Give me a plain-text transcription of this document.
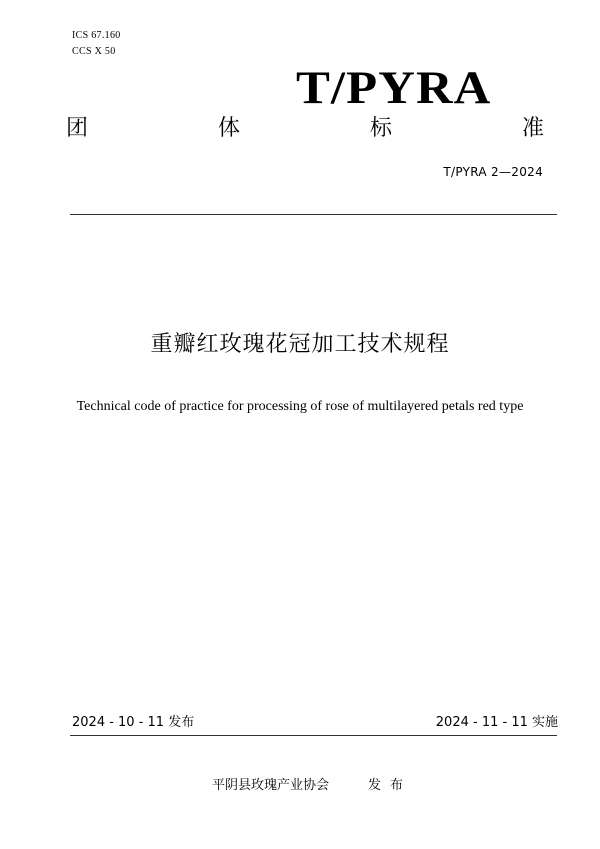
ICS 67.160
CCS X 50
T/PYRA
团	体	标	准
T/PYRA 2—2024
重瓣红玫瑰花冠加工技术规程
Technical code of practice for processing of rose of multilayered petals red type
2024 - 10 - 11 发布	2024 - 11 - 11 实施
平阴县玫瑰产业协会	发布
